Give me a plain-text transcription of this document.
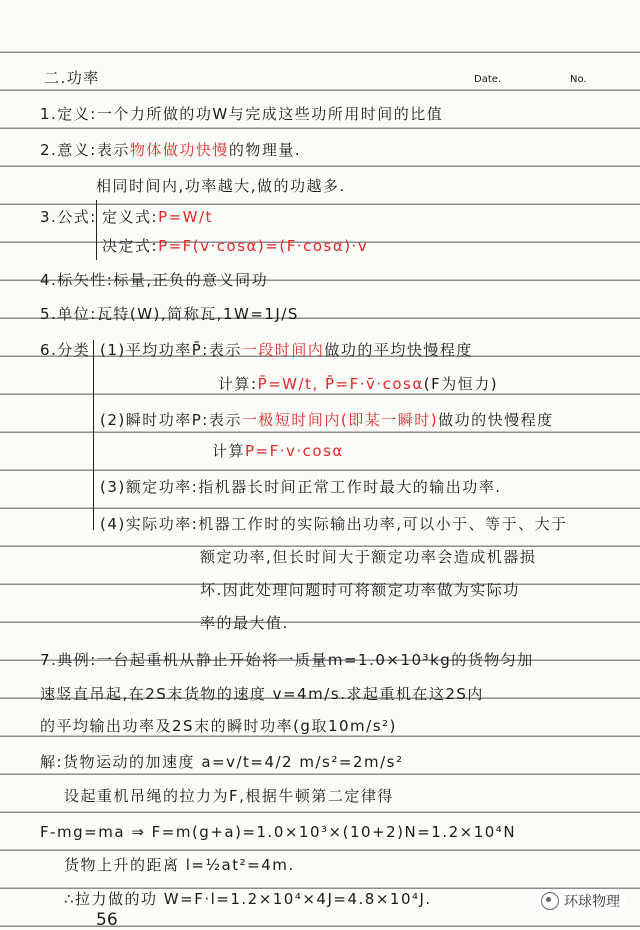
二.功率	Date.	No.
1.定义:一个力所做的功W与完成这些功所用时间的比值
2.意义:表示物体做功快慢的物理量.
相同时间内,功率越大,做的功越多.
3.公式: 定义式:P=W/t
决定式:P=F(v·cosα)=(F·cosα)·v
4.标矢性:标量,正负的意义同功
5.单位:瓦特(W),简称瓦,1W=1J/S
6.分类 (1)平均功率P̄:表示一段时间内做功的平均快慢程度
计算:P̄=W/t, P̄=F·v̄·cosα(F为恒力)
(2)瞬时功率P:表示一极短时间内(即某一瞬时)做功的快慢程度
计算P=F·v·cosα
(3)额定功率:指机器长时间正常工作时最大的输出功率.
(4)实际功率:机器工作时的实际输出功率,可以小于、等于、大于
额定功率,但长时间大于额定功率会造成机器损
坏.因此处理问题时可将额定功率做为实际功
率的最大值.
7.典例:一台起重机从静止开始将一质量m=1.0×10³kg的货物匀加
速竖直吊起,在2S末货物的速度 v=4m/s.求起重机在这2S内
的平均输出功率及2S末的瞬时功率(g取10m/s²)
解:货物运动的加速度 a=v/t=4/2 m/s²=2m/s²
设起重机吊绳的拉力为F,根据牛顿第二定律得
F-mg=ma ⇒ F=m(g+a)=1.0×10³×(10+2)N=1.2×10⁴N
货物上升的距离 l=½at²=4m.
∴拉力做的功 W=F·l=1.2×10⁴×4J=4.8×10⁴J.
56
环球物理
